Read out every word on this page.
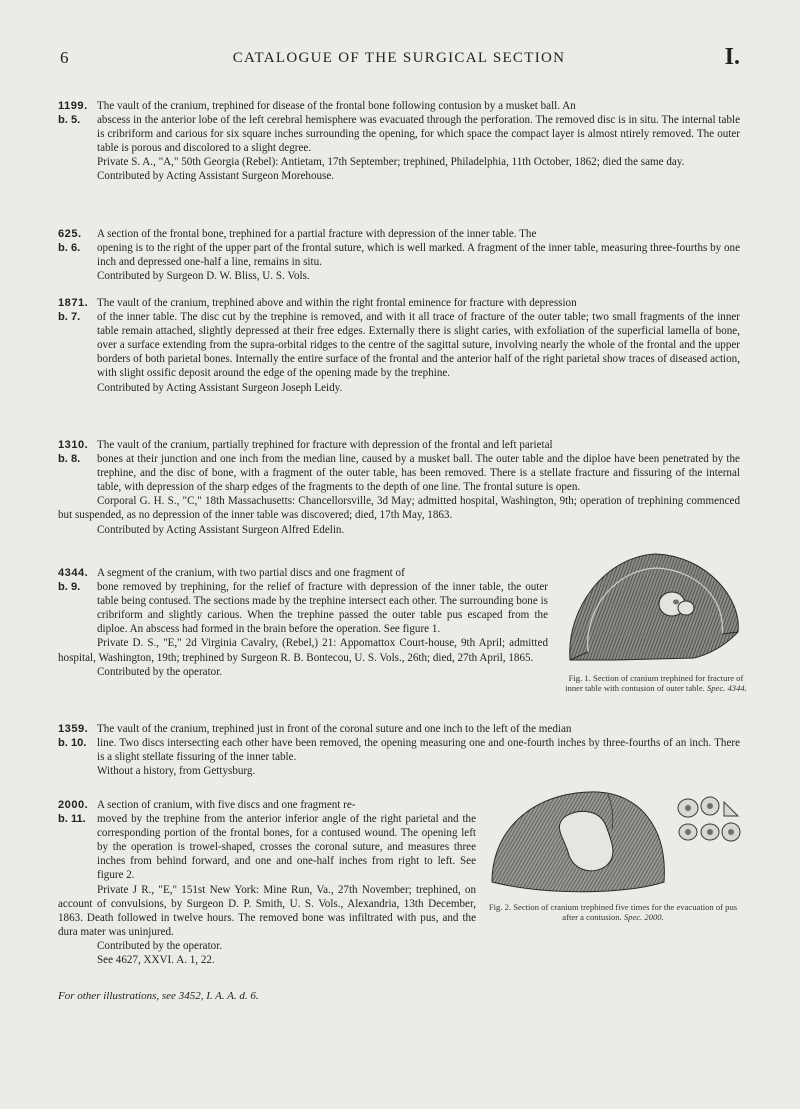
6	CATALOGUE OF THE SURGICAL SECTION	I.

1199. The vault of the cranium, trephined for disease of the frontal bone following contusion by a musket ball. An

b. 5. abscess in the anterior lobe of the left cerebral hemisphere was evacuated through the perforation. The removed disc is in situ. The internal table is cribriform and carious for six square inches surrounding the opening, for which space the compact layer is almost ntirely removed. The outer table is porous and discolored to a slight degree.

Private S. A., "A," 50th Georgia (Rebel): Antietam, 17th September; trephined, Philadelphia, 11th October, 1862; died the same day.

Contributed by Acting Assistant Surgeon Morehouse.

625. A section of the frontal bone, trephined for a partial fracture with depression of the inner table. The

b. 6. opening is to the right of the upper part of the frontal suture, which is well marked. A fragment of the inner table, measuring three-fourths by one inch and depressed one-half a line, remains in situ.

Contributed by Surgeon D. W. Bliss, U. S. Vols.

1871. The vault of the cranium, trephined above and within the right frontal eminence for fracture with depression

b. 7. of the inner table. The disc cut by the trephine is removed, and with it all trace of fracture of the outer table; two small fragments of the inner table remain attached, slightly depressed at their free edges. Externally there is slight caries, with exfoliation of the superficial lamella of bone, over a surface extending from the supra-orbital ridges to the centre of the sagittal suture, involving nearly the whole of the frontal and the upper borders of both parietal bones. Internally the entire surface of the frontal and the anterior half of the right parietal show traces of diseased action, with slight ossific deposit around the edge of the opening made by the trephine.

Contributed by Acting Assistant Surgeon Joseph Leidy.

1310. The vault of the cranium, partially trephined for fracture with depression of the frontal and left parietal

b. 8. bones at their junction and one inch from the median line, caused by a musket ball. The outer table and the diploe have been penetrated by the trephine, and the disc of bone, with a fragment of the outer table, has been removed. There is a stellate fracture and fissuring of the internal table, with depression of the sharp edges of the fragments to the depth of one line. The frontal suture is open.

Corporal G. H. S., "C," 18th Massachusetts: Chancellorsville, 3d May; admitted hospital, Washington, 9th; operation of trephining commenced but suspended, as no depression of the inner table was discovered; died, 17th May, 1863.

Contributed by Acting Assistant Surgeon Alfred Edelin.

4344. A segment of the cranium, with two partial discs and one fragment of

b. 9. bone removed by trephining, for the relief of fracture with depression of the inner table, the outer table being contused. The sections made by the trephine intersect each other. The surrounding bone is cribriform and slightly carious. When the trephine passed the outer table pus escaped from the diploe. An abscess had formed in the brain before the operation. See figure 1.

Private D. S., "E," 2d Virginia Cavalry, (Rebel,) 21: Appomattox Court-house, 9th April; admitted hospital, Washington, 19th; trephined by Surgeon R. B. Bontecou, U. S. Vols., 26th; died, 27th April, 1865.

Contributed by the operator.

Fig. 1. Section of cranium trephined for fracture of inner table with contusion of outer table. Spec. 4344.

1359. The vault of the cranium, trephined just in front of the coronal suture and one inch to the left of the median

b. 10. line. Two discs intersecting each other have been removed, the opening measuring one and one-fourth inches by three-fourths of an inch. There is a slight stellate fissuring of the inner table.

Without a history, from Gettysburg.

2000. A section of cranium, with five discs and one fragment re-

b. 11. moved by the trephine from the anterior inferior angle of the right parietal and the corresponding portion of the frontal bones, for a contused wound. The opening left by the operation is trowel-shaped, crosses the coronal suture, and measures three inches from behind forward, and one and one-half inches from right to left. See figure 2.

Private J R., "E," 151st New York: Mine Run, Va., 27th November; trephined, on account of convulsions, by Surgeon D. P. Smith, U. S. Vols., Alexandria, 13th December, 1863. Death followed in twelve hours. The removed bone was infiltrated with pus, and the dura mater was uninjured.

Contributed by the operator.

See 4627, XXVI. A. 1, 22.

Fig. 2. Section of cranium trephined five times for the evacuation of pus after a contusion. Spec. 2000.
For other illustrations, see 3452, I. A. A. d. 6.
